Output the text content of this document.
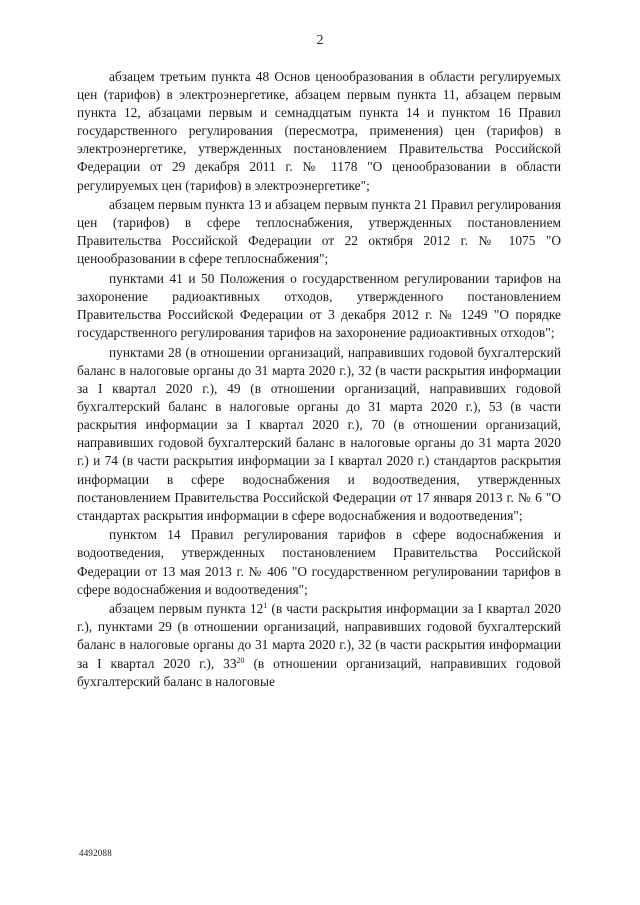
2

абзацем третьим пункта 48 Основ ценообразования в области регулируемых цен (тарифов) в электроэнергетике, абзацем первым пункта 11, абзацем первым пункта 12, абзацами первым и семнадцатым пункта 14 и пунктом 16 Правил государственного регулирования (пересмотра, применения) цен (тарифов) в электроэнергетике, утвержденных постановлением Правительства Российской Федерации от 29 декабря 2011 г. № 1178 "О ценообразовании в области регулируемых цен (тарифов) в электроэнергетике";

абзацем первым пункта 13 и абзацем первым пункта 21 Правил регулирования цен (тарифов) в сфере теплоснабжения, утвержденных постановлением Правительства Российской Федерации от 22 октября 2012 г. № 1075 "О ценообразовании в сфере теплоснабжения";

пунктами 41 и 50 Положения о государственном регулировании тарифов на захоронение радиоактивных отходов, утвержденного постановлением Правительства Российской Федерации от 3 декабря 2012 г. № 1249 "О порядке государственного регулирования тарифов на захоронение радиоактивных отходов";

пунктами 28 (в отношении организаций, направивших годовой бухгалтерский баланс в налоговые органы до 31 марта 2020 г.), 32 (в части раскрытия информации за I квартал 2020 г.), 49 (в отношении организаций, направивших годовой бухгалтерский баланс в налоговые органы до 31 марта 2020 г.), 53 (в части раскрытия информации за I квартал 2020 г.), 70 (в отношении организаций, направивших годовой бухгалтерский баланс в налоговые органы до 31 марта 2020 г.) и 74 (в части раскрытия информации за I квартал 2020 г.) стандартов раскрытия информации в сфере водоснабжения и водоотведения, утвержденных постановлением Правительства Российской Федерации от 17 января 2013 г. № 6 "О стандартах раскрытия информации в сфере водоснабжения и водоотведения";

пунктом 14 Правил регулирования тарифов в сфере водоснабжения и водоотведения, утвержденных постановлением Правительства Российской Федерации от 13 мая 2013 г. № 406 "О государственном регулировании тарифов в сфере водоснабжения и водоотведения";

абзацем первым пункта $12^1$ (в части раскрытия информации за I квартал 2020 г.), пунктами 29 (в отношении организаций, направивших годовой бухгалтерский баланс в налоговые органы до 31 марта 2020 г.), 32 (в части раскрытия информации за I квартал 2020 г.), $33^{20}$ (в отношении организаций, направивших годовой бухгалтерский баланс в налоговые

4492088
